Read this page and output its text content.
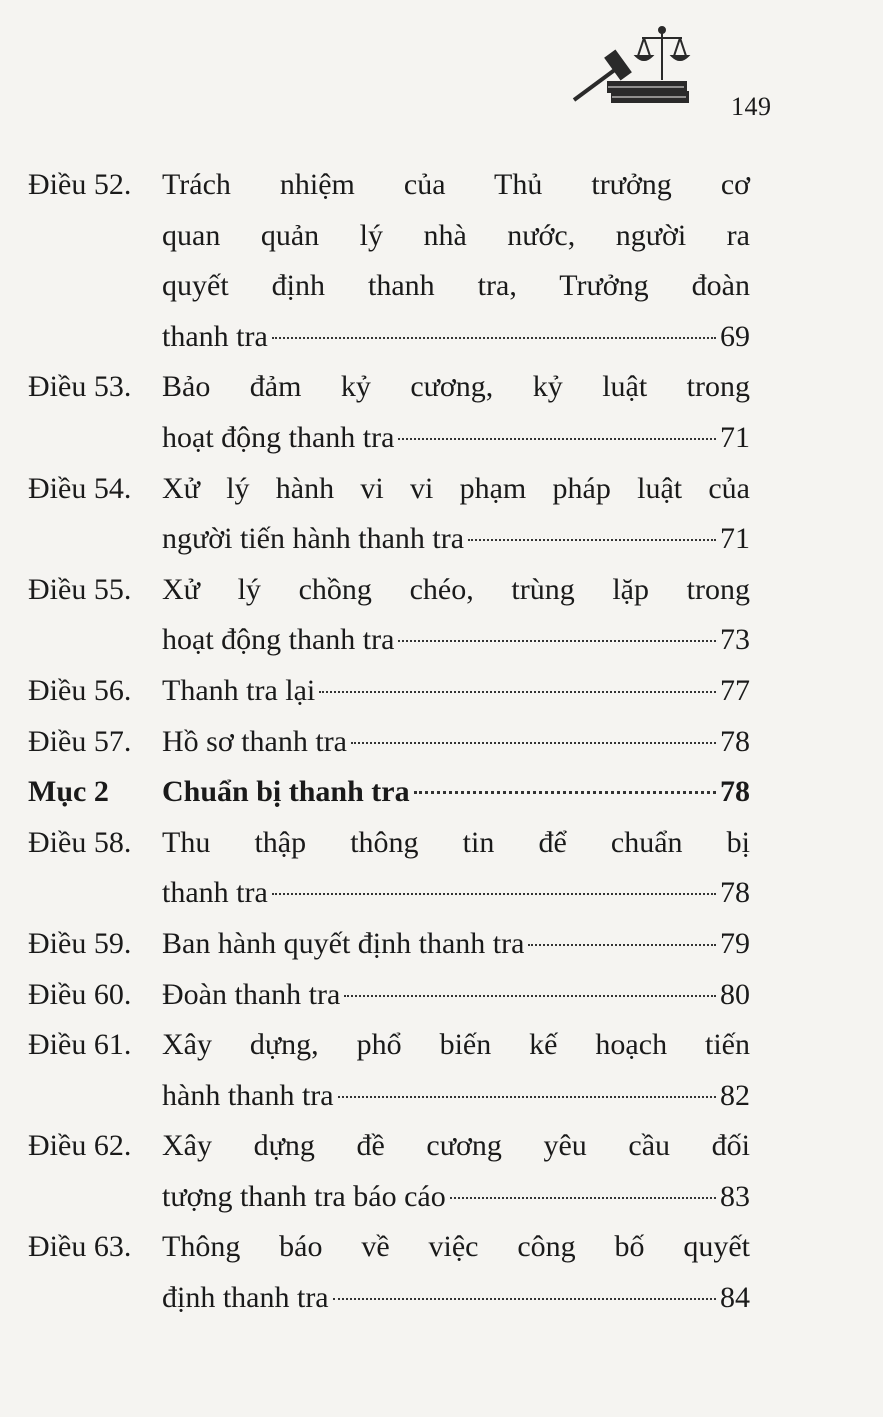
149
Điều 52.	Trách nhiệm của Thủ trưởng cơ
quan quản lý nhà nước, người ra
quyết định thanh tra, Trưởng đoàn
thanh tra	69
Điều 53.	Bảo đảm kỷ cương, kỷ luật trong
hoạt động thanh tra	71
Điều 54.	Xử lý hành vi vi phạm pháp luật của
người tiến hành thanh tra	71
Điều 55.	Xử lý chồng chéo, trùng lặp trong
hoạt động thanh tra	73
Điều 56.	Thanh tra lại	77
Điều 57.	Hồ sơ thanh tra	78
Mục 2	Chuẩn bị thanh tra	78
Điều 58.	Thu thập thông tin để chuẩn bị
thanh tra	78
Điều 59.	Ban hành quyết định thanh tra	79
Điều 60.	Đoàn thanh tra	80
Điều 61.	Xây dựng, phổ biến kế hoạch tiến
hành thanh tra	82
Điều 62.	Xây dựng đề cương yêu cầu đối
tượng thanh tra báo cáo	83
Điều 63.	Thông báo về việc công bố quyết
định thanh tra	84
